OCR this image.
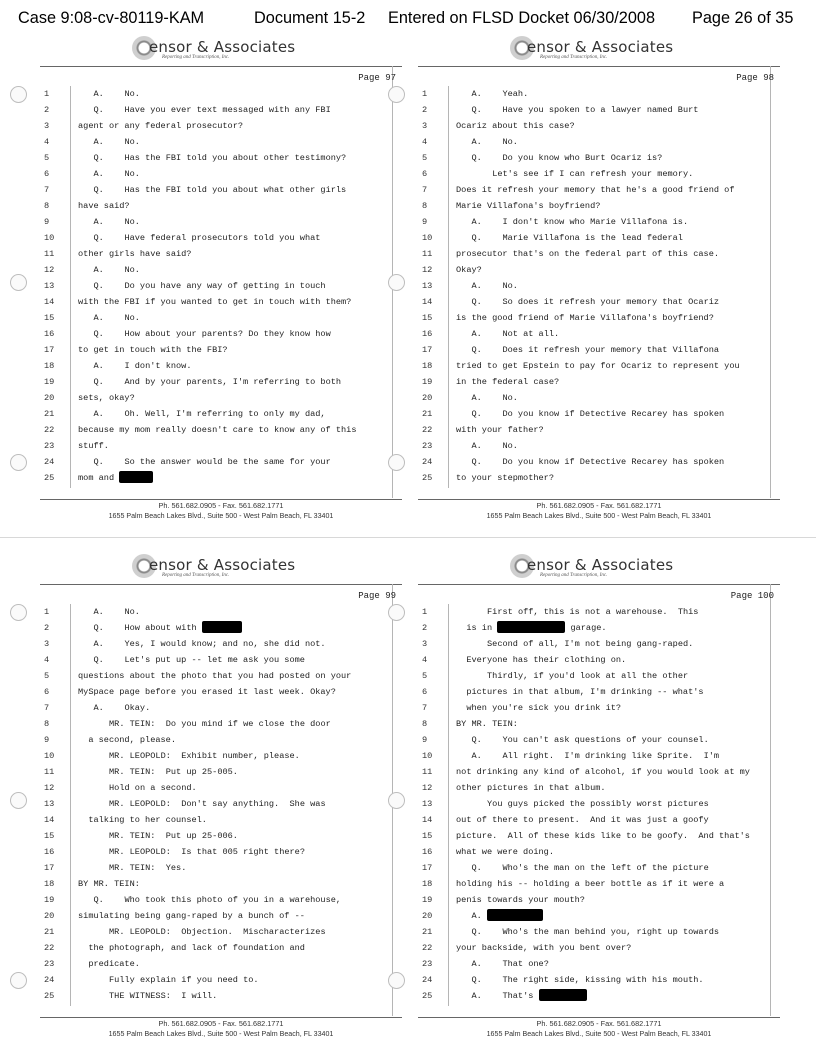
Case 9:08-cv-80119-KAM

	Document 15-2

Entered on FLSD Docket 06/30/2008

Page 26 of 35

ensor & Associates
Reporting and Transcription, Inc.
Page 97
1	A.    No.
2	Q.    Have you ever text messaged with any FBI
3	agent or any federal prosecutor?
4	A.    No.
5	Q.    Has the FBI told you about other testimony?
6	A.    No.
7	Q.    Has the FBI told you about what other girls
8	have said?
9	A.    No.
10	Q.    Have federal prosecutors told you what
11	other girls have said?
12	A.    No.
13	Q.    Do you have any way of getting in touch
14	with the FBI if you wanted to get in touch with them?
15	A.    No.
16	Q.    How about your parents? Do they know how
17	to get in touch with the FBI?
18	A.    I don't know.
19	Q.    And by your parents, I'm referring to both
20	sets, okay?
21	A.    Oh. Well, I'm referring to only my dad,
22	because my mom really doesn't care to know any of this
23	stuff.
24	Q.    So the answer would be the same for your
25	mom and
Ph. 561.682.0905 - Fax. 561.682.1771
1655 Palm Beach Lakes Blvd., Suite 500 - West Palm Beach, FL 33401
ensor & Associates
Reporting and Transcription, Inc.
Page 98
1	A.    Yeah.
2	Q.    Have you spoken to a lawyer named Burt
3	Ocariz about this case?
4	A.    No.
5	Q.    Do you know who Burt Ocariz is?
6	Let's see if I can refresh your memory.
7	Does it refresh your memory that he's a good friend of
8	Marie Villafona's boyfriend?
9	A.    I don't know who Marie Villafona is.
10	Q.    Marie Villafona is the lead federal
11	prosecutor that's on the federal part of this case.
12	Okay?
13	A.    No.
14	Q.    So does it refresh your memory that Ocariz
15	is the good friend of Marie Villafona's boyfriend?
16	A.    Not at all.
17	Q.    Does it refresh your memory that Villafona
18	tried to get Epstein to pay for Ocariz to represent you
19	in the federal case?
20	A.    No.
21	Q.    Do you know if Detective Recarey has spoken
22	with your father?
23	A.    No.
24	Q.    Do you know if Detective Recarey has spoken
25	to your stepmother?
Ph. 561.682.0905 - Fax. 561.682.1771
1655 Palm Beach Lakes Blvd., Suite 500 - West Palm Beach, FL 33401
ensor & Associates
Reporting and Transcription, Inc.
Page 99
1	A.    No.
2	Q.    How about with
3	A.    Yes, I would know; and no, she did not.
4	Q.    Let's put up -- let me ask you some
5	questions about the photo that you had posted on your
6	MySpace page before you erased it last week. Okay?
7	A.    Okay.
8	MR. TEIN:  Do you mind if we close the door
9	a second, please.
10	MR. LEOPOLD:  Exhibit number, please.
11	MR. TEIN:  Put up 25-005.
12	Hold on a second.
13	MR. LEOPOLD:  Don't say anything.  She was
14	talking to her counsel.
15	MR. TEIN:  Put up 25-006.
16	MR. LEOPOLD:  Is that 005 right there?
17	MR. TEIN:  Yes.
18	BY MR. TEIN:
19	Q.    Who took this photo of you in a warehouse,
20	simulating being gang-raped by a bunch of --
21	MR. LEOPOLD:  Objection.  Mischaracterizes
22	the photograph, and lack of foundation and
23	predicate.
24	Fully explain if you need to.
25	THE WITNESS:  I will.
Ph. 561.682.0905 - Fax. 561.682.1771
1655 Palm Beach Lakes Blvd., Suite 500 - West Palm Beach, FL 33401
ensor & Associates
Reporting and Transcription, Inc.
Page 100
1	First off, this is not a warehouse.  This
2	is in	garage.
3	Second of all, I'm not being gang-raped.
4	Everyone has their clothing on.
5	Thirdly, if you'd look at all the other
6	pictures in that album, I'm drinking -- what's
7	when you're sick you drink it?
8	BY MR. TEIN:
9	Q.    You can't ask questions of your counsel.
10	A.    All right.  I'm drinking like Sprite.  I'm
11	not drinking any kind of alcohol, if you would look at my
12	other pictures in that album.
13	You guys picked the possibly worst pictures
14	out of there to present.  And it was just a goofy
15	picture.  All of these kids like to be goofy.  And that's
16	what we were doing.
17	Q.    Who's the man on the left of the picture
18	holding his -- holding a beer bottle as if it were a
19	penis towards your mouth?
20	A.
21	Q.    Who's the man behind you, right up towards
22	your backside, with you bent over?
23	A.    That one?
24	Q.    The right side, kissing with his mouth.
25	A.    That's
Ph. 561.682.0905 - Fax. 561.682.1771
1655 Palm Beach Lakes Blvd., Suite 500 - West Palm Beach, FL 33401
